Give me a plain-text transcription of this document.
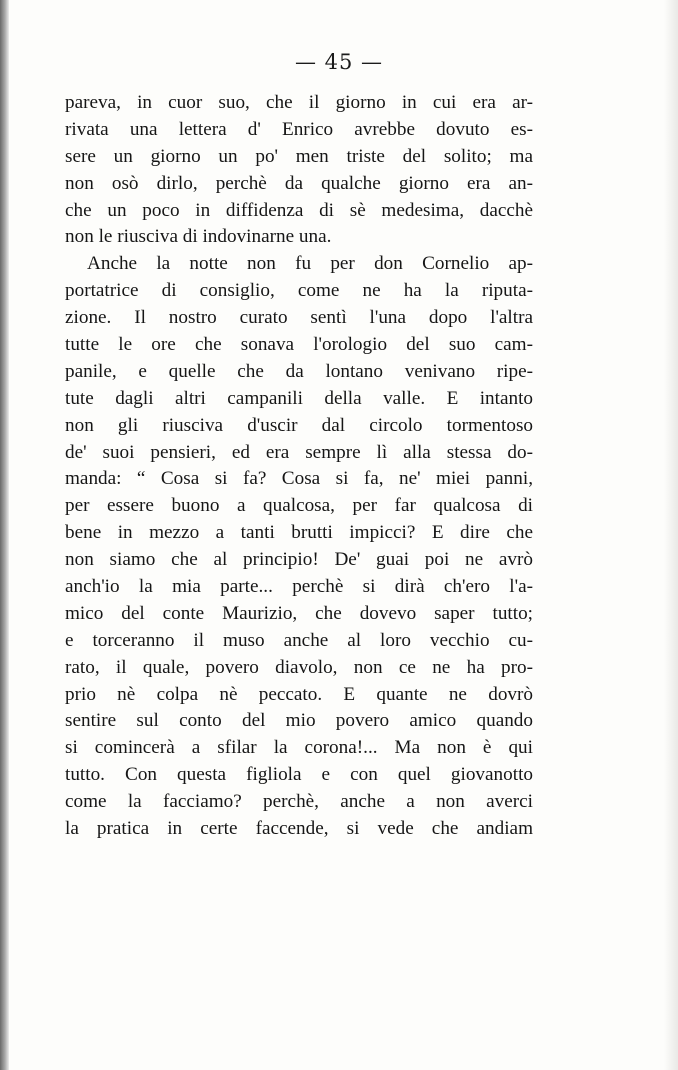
— 45 —
pareva, in cuor suo, che il giorno in cui era ar-
rivata una lettera d' Enrico avrebbe dovuto es-
sere un giorno un po' men triste del solito; ma
non osò dirlo, perchè da qualche giorno era an-
che un poco in diffidenza di sè medesima, dacchè
non le riusciva di indovinarne una.
Anche la notte non fu per don Cornelio ap-
portatrice di consiglio, come ne ha la riputa-
zione. Il nostro curato sentì l'una dopo l'altra
tutte le ore che sonava l'orologio del suo cam-
panile, e quelle che da lontano venivano ripe-
tute dagli altri campanili della valle. E intanto
non gli riusciva d'uscir dal circolo tormentoso
de' suoi pensieri, ed era sempre lì alla stessa do-
manda: “ Cosa si fa? Cosa si fa, ne' miei panni,
per essere buono a qualcosa, per far qualcosa di
bene in mezzo a tanti brutti impicci? E dire che
non siamo che al principio! De' guai poi ne avrò
anch'io la mia parte... perchè si dirà ch'ero l'a-
mico del conte Maurizio, che dovevo saper tutto;
e torceranno il muso anche al loro vecchio cu-
rato, il quale, povero diavolo, non ce ne ha pro-
prio nè colpa nè peccato. E quante ne dovrò
sentire sul conto del mio povero amico quando
si comincerà a sfilar la corona!... Ma non è qui
tutto. Con questa figliola e con quel giovanotto
come la facciamo? perchè, anche a non averci
la pratica in certe faccende, si vede che andiam
